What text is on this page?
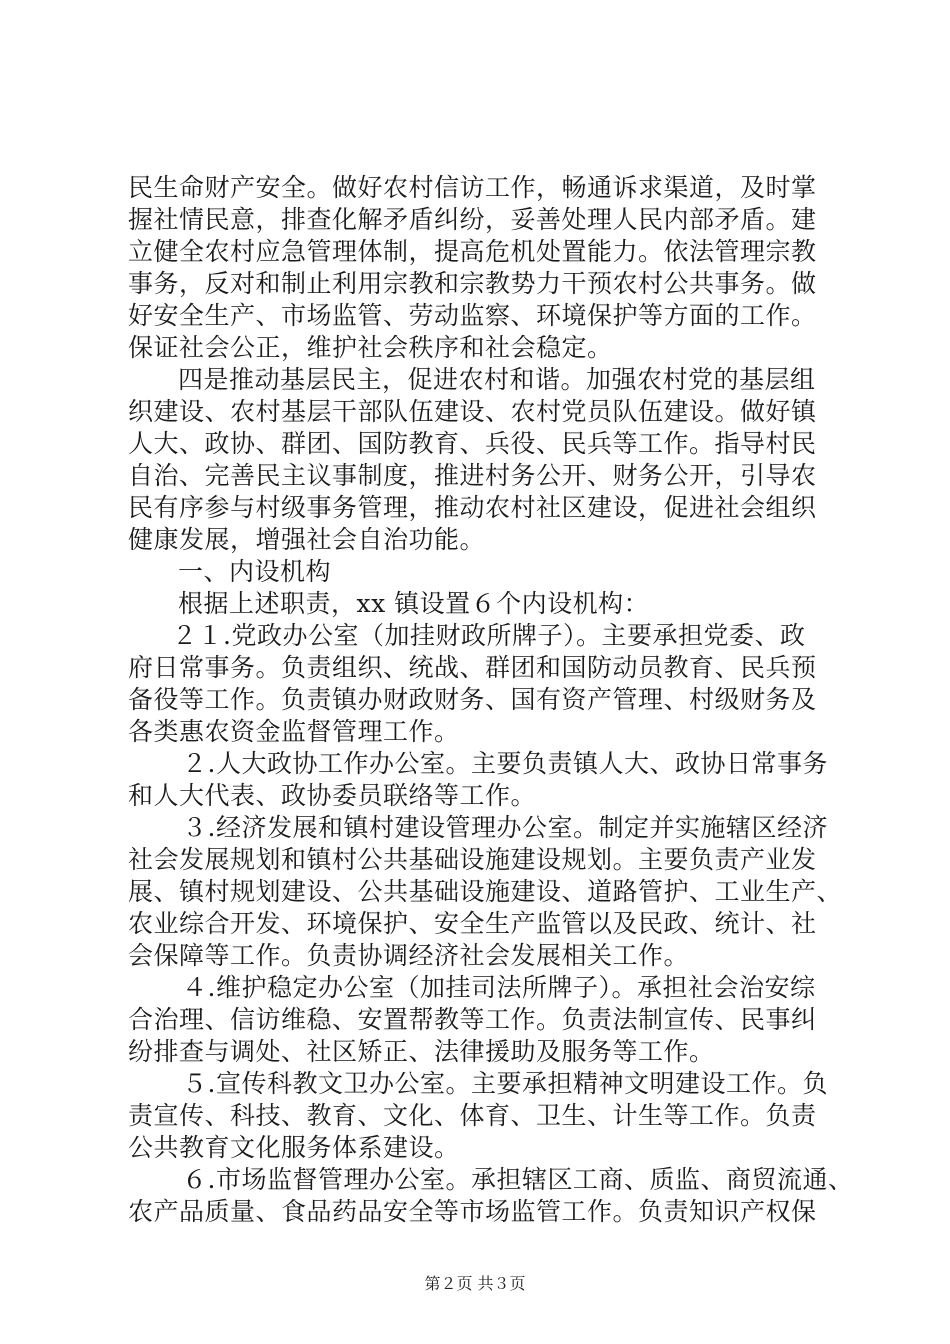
民生命财产安全。做好农村信访工作，畅通诉求渠道，及时掌
握社情民意，排查化解矛盾纠纷，妥善处理人民内部矛盾。建
立健全农村应急管理体制，提高危机处置能力。依法管理宗教
事务，反对和制止利用宗教和宗教势力干预农村公共事务。做
好安全生产、市场监管、劳动监察、环境保护等方面的工作。
保证社会公正，维护社会秩序和社会稳定。
四是推动基层民主，促进农村和谐。加强农村党的基层组
织建设、农村基层干部队伍建设、农村党员队伍建设。做好镇
人大、政协、群团、国防教育、兵役、民兵等工作。指导村民
自治、完善民主议事制度，推进村务公开、财务公开，引导农
民有序参与村级事务管理，推动农村社区建设，促进社会组织
健康发展，增强社会自治功能。
一、内设机构
根据上述职责，xx 镇设置６个内设机构：
２１.党政办公室（加挂财政所牌子）。主要承担党委、政
府日常事务。负责组织、统战、群团和国防动员教育、民兵预
备役等工作。负责镇办财政财务、国有资产管理、村级财务及
各类惠农资金监督管理工作。
２.人大政协工作办公室。主要负责镇人大、政协日常事务
和人大代表、政协委员联络等工作。
３.经济发展和镇村建设管理办公室。制定并实施辖区经济
社会发展规划和镇村公共基础设施建设规划。主要负责产业发
展、镇村规划建设、公共基础设施建设、道路管护、工业生产、
农业综合开发、环境保护、安全生产监管以及民政、统计、社
会保障等工作。负责协调经济社会发展相关工作。
４.维护稳定办公室（加挂司法所牌子）。承担社会治安综
合治理、信访维稳、安置帮教等工作。负责法制宣传、民事纠
纷排查与调处、社区矫正、法律援助及服务等工作。
５.宣传科教文卫办公室。主要承担精神文明建设工作。负
责宣传、科技、教育、文化、体育、卫生、计生等工作。负责
公共教育文化服务体系建设。
６.市场监督管理办公室。承担辖区工商、质监、商贸流通、
农产品质量、食品药品安全等市场监管工作。负责知识产权保
第２页 共３页
